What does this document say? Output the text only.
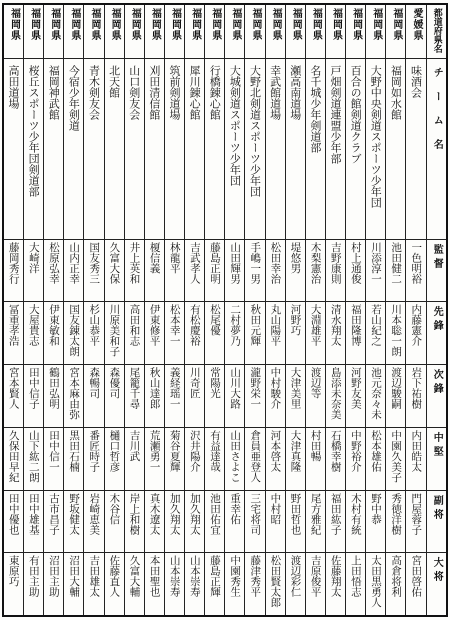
福岡県	福岡県	福岡県	福岡県	福岡県	福岡県	福岡県	福岡県	福岡県	福岡県	福岡県	福岡県	福岡県	福岡県	福岡県	福岡県	福岡県	福岡県	福岡県	福岡県	愛媛県	都道府県名
高田道場	桜丘スポーツ少年団剣道部	福岡神武館	今宿少年剣道	青木剣友会	北天館	山口剣友会	刈田清信館	筑前剣道場	犀川錬心館	行橋錬心館	大城剣道スポーツ少年団	大野北剣道スポーツ少年団	幸武館道場	瀬高南道場	名千城少年剣道部	戸畑剣道連盟少年部	百合の館剣道クラブ	大野中央剣道スポーツ少年団	福岡如水館	味酒会	チーム名
藤岡秀行	大崎洋	松原弘幸	山内正幸	国友秀三	久富大保	井上英和	榎信義	林龍平	吉武孝人	藤島正明	山田輝男	手嶋一男	松田幸治	堤悠男	木梨憲治	吉野康則	村上通俊	川添淳一	池田健二	一色明裕	監督
冨重孝浩	大屋貴志	伊東敏和	国友錬太朗	杉山恭平	川原美和子	高田和志	伊東修平	松本幸一	有松慶裕	松尾優	二村夢乃	秋田元輝	丸山陽平	河野巧	大淵雄平	清水翔太	福田隆博	若山紀之	川本聡一朗	内藤憲介	先鋒
宮本賢人	田中信子	鶴田弘明	宮本麻由弥	森暢司	森優司	尾籠千尋	秋山達郎	義経瑶一	川奇匠	常陽光	山川大路	瀧野栄一	中村駿介	大津美里	渡辺等	島添未奈美	河野友美	池元奈々未	渡辺駿嗣	岩下祐樹	次鋒
久保田早紀	山下紘二朗	田中信一	黒田石楠	番匠時子	樋口哲彦	吉川武	荒瀬勇一	菊谷夏輝	沢井陽介	有益達哉	山田さよこ	倉員亜登人	河本啓太	大津真隆	村田暢	石橋幸樹	中野裕介	松本雄佑	中園久美子	内田皓太	中堅
田中優也	田中雄基	古市昌子	野坂健太	岩崎恵美	木谷信	岸上和樹	真木遼太	加久翔太	加久翔太	池田佑宜	重幸佑	三宅将司	中村昭	野田哲也	尾方雅紀	福田紘子	木村有統	野中恭	秀徳洋樹	門屋蓉子	副将
東原巧	有田主助	沼田主助	沼田大輔	吉田雄太	佐藤直人	久富大輔	本田聖也	山本崇寿	山本崇寿	藤島正輝	中園秀生	藤津秀平	松田賢太郎	渡辺彩仁	吉原俊平	佐藤翔太	上田悟志	太田黒勇人	高倉将利	宮田啓佑	大将
